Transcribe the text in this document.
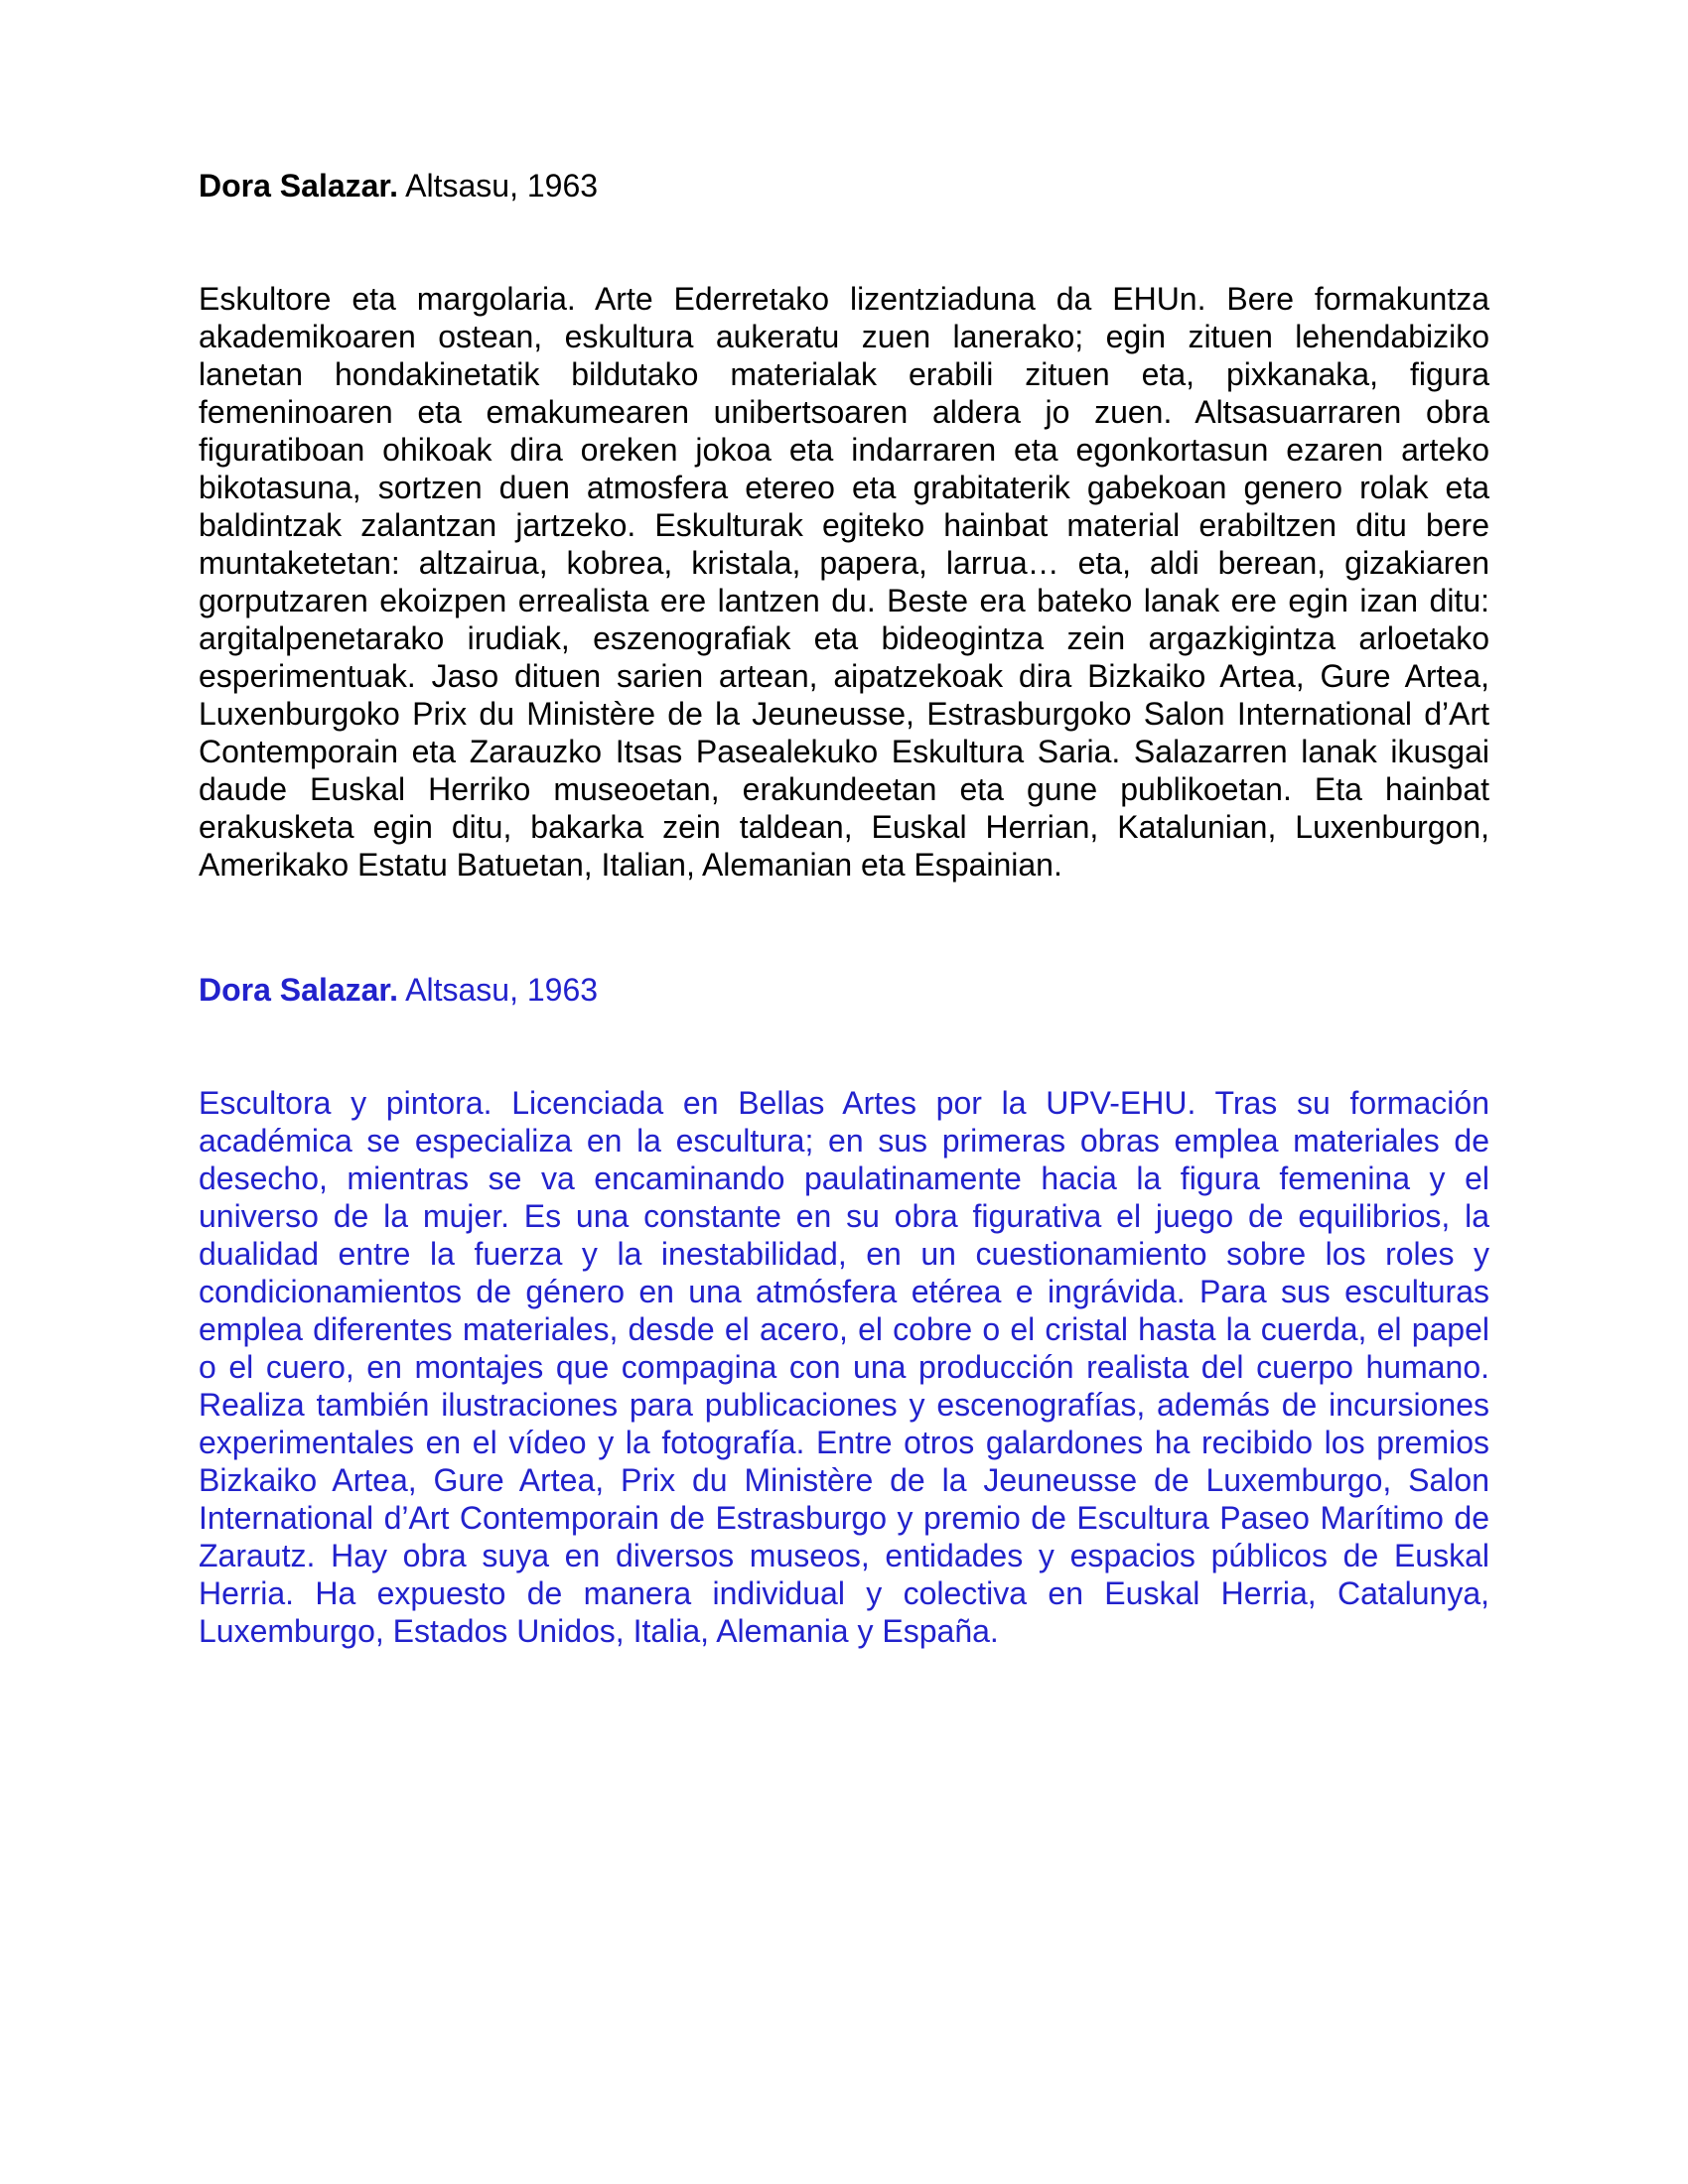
Dora Salazar. Altsasu, 1963

Eskultore eta margolaria. Arte Ederretako lizentziaduna da EHUn. Bere formakuntza akademikoaren ostean, eskultura aukeratu zuen lanerako; egin zituen lehendabiziko lanetan hondakinetatik bildutako materialak erabili zituen eta, pixkanaka, figura femeninoaren eta emakumearen unibertsoaren aldera jo zuen. Altsasuarraren obra figuratiboan ohikoak dira oreken jokoa eta indarraren eta egonkortasun ezaren arteko bikotasuna, sortzen duen atmosfera etereo eta grabitaterik gabekoan genero rolak eta baldintzak zalantzan jartzeko. Eskulturak egiteko hainbat material erabiltzen ditu bere muntaketetan: altzairua, kobrea, kristala, papera, larrua… eta, aldi berean, gizakiaren gorputzaren ekoizpen errealista ere lantzen du. Beste era bateko lanak ere egin izan ditu: argitalpenetarako irudiak, eszenografiak eta bideogintza zein argazkigintza arloetako esperimentuak. Jaso dituen sarien artean, aipatzekoak dira Bizkaiko Artea, Gure Artea, Luxenburgoko Prix du Ministère de la Jeuneusse, Estrasburgoko Salon International d’Art Contemporain eta Zarauzko Itsas Pasealekuko Eskultura Saria. Salazarren lanak ikusgai daude Euskal Herriko museoetan, erakundeetan eta gune publikoetan. Eta hainbat erakusketa egin ditu, bakarka zein taldean, Euskal Herrian, Katalunian, Luxenburgon, Amerikako Estatu Batuetan, Italian, Alemanian eta Espainian.

Dora Salazar. Altsasu, 1963

Escultora y pintora. Licenciada en Bellas Artes por la UPV-EHU. Tras su formación académica se especializa en la escultura; en sus primeras obras emplea materiales de desecho, mientras se va encaminando paulatinamente hacia la figura femenina y el universo de la mujer. Es una constante en su obra figurativa el juego de equilibrios, la dualidad entre la fuerza y la inestabilidad, en un cuestionamiento sobre los roles y condicionamientos de género en una atmósfera etérea e ingrávida. Para sus esculturas emplea diferentes materiales, desde el acero, el cobre o el cristal hasta la cuerda, el papel o el cuero, en montajes que compagina con una producción realista del cuerpo humano. Realiza también ilustraciones para publicaciones y escenografías, además de incursiones experimentales en el vídeo y la fotografía. Entre otros galardones ha recibido los premios Bizkaiko Artea, Gure Artea, Prix du Ministère de la Jeuneusse de Luxemburgo, Salon International d’Art Contemporain de Estrasburgo y premio de Escultura Paseo Marítimo de Zarautz. Hay obra suya en diversos museos, entidades y espacios públicos de Euskal Herria. Ha expuesto de manera individual y colectiva en Euskal Herria, Catalunya, Luxemburgo, Estados Unidos, Italia, Alemania y España.
